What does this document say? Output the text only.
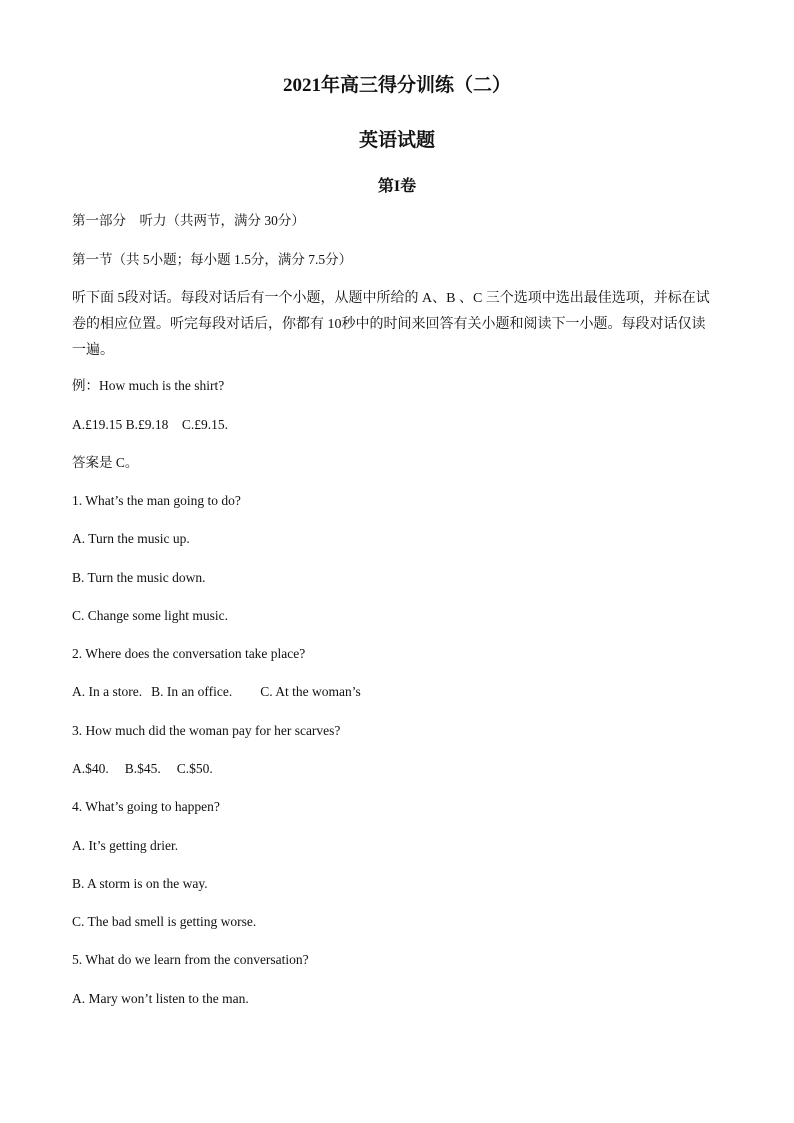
2021年高三得分训练（二）
英语试题
第I卷
第一部分　听力（共两节，满分 30分）
第一节（共 5小题；每小题 1.5分，满分 7.5分）
听下面 5段对话。每段对话后有一个小题，从题中所给的 A、B 、C 三个选项中选出最佳选项，并标在试
卷的相应位置。听完每段对话后，你都有 10秒中的时间来回答有关小题和阅读下一小题。每段对话仅读
一遍。
例：How much is the shirt?
A.£19.15 B.£9.18　C.£9.15.
答案是 C。
1. What’s the man going to do?
A. Turn the music up.
B. Turn the music down.
C. Change some light music.
2. Where does the conversation take place?
A. In a store. B. In an office. C. At the woman’s
3. How much did the woman pay for her scarves?
A.$40. B.$45. C.$50.
4. What’s going to happen?
A. It’s getting drier.
B. A storm is on the way.
C. The bad smell is getting worse.
5. What do we learn from the conversation?
A. Mary won’t listen to the man.
